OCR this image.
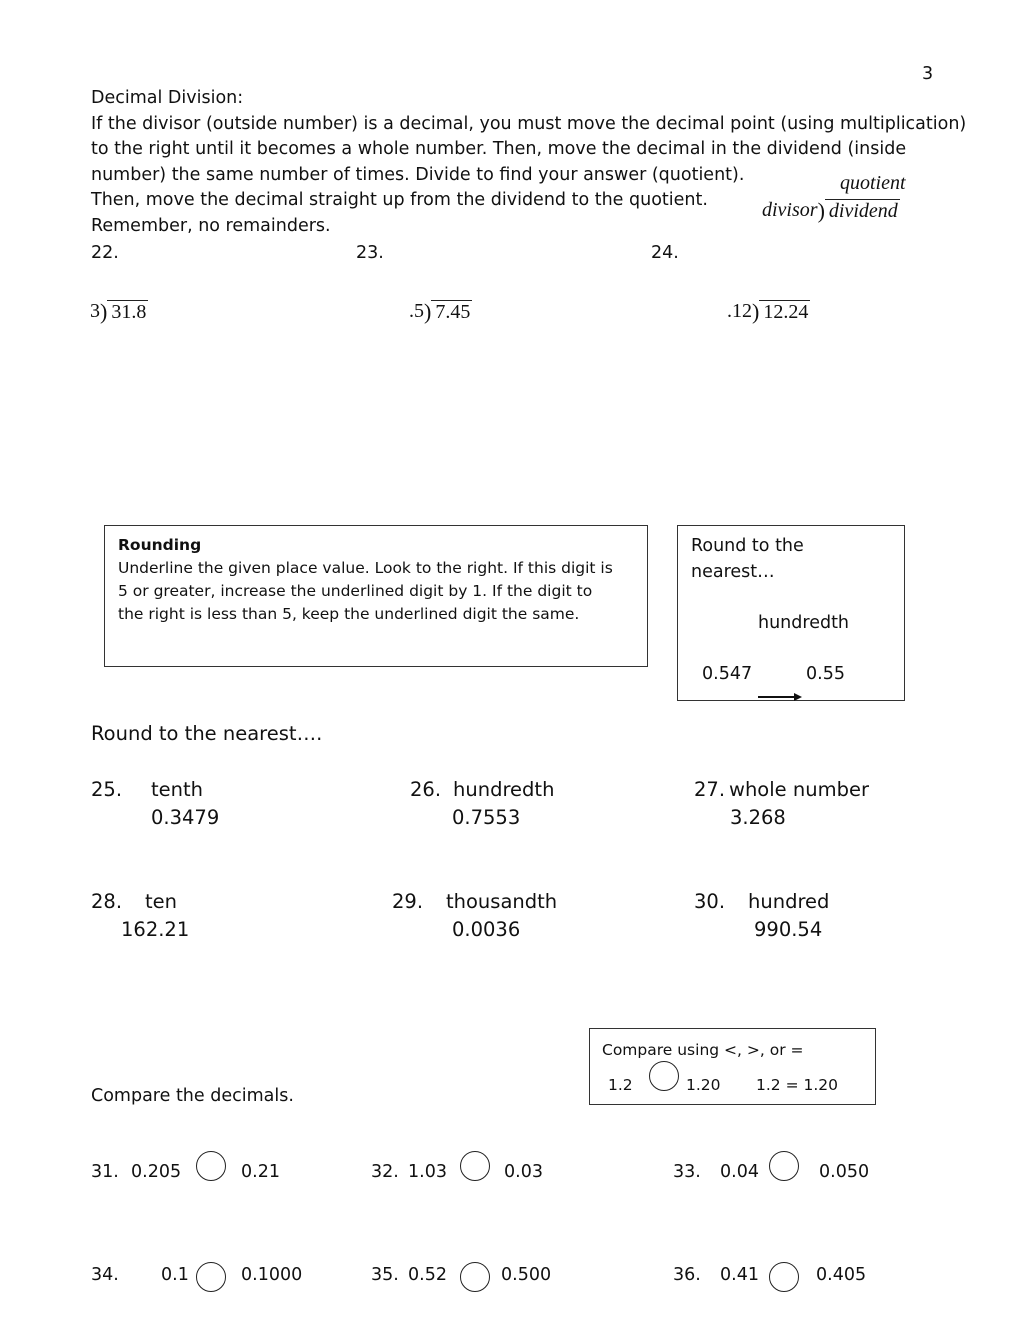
3
Decimal Division:
If the divisor (outside number) is a decimal, you must move the decimal point (using multiplication)
to the right until it becomes a whole number. Then, move the decimal in the dividend (inside
number) the same number of times. Divide to find your answer (quotient).
Then, move the decimal straight up from the dividend to the quotient.
Remember, no remainders.
quotient
divisor ) dividend
22.	23.	24.
3 ) 31.8	.5 ) 7.45	.12 ) 12.24
Rounding
Underline the given place value. Look to the right. If this digit is
5 or greater, increase the underlined digit by 1. If the digit to
the right is less than 5, keep the underlined digit the same.
Round to the
nearest…
hundredth
0.547	0.55
Round to the nearest….
25. tenth
0.3479
26. hundredth
0.7553
27. whole number
3.268
28. ten
162.21
29. thousandth
0.0036
30. hundred
990.54
Compare using <, >, or =
1.2	1.20 1.2 = 1.20
Compare the decimals.
31. 0.205	0.21	32. 1.03	0.03	33. 0.04	0.050
34. 0.1	0.1000	35. 0.52	0.500	36. 0.41	0.405
